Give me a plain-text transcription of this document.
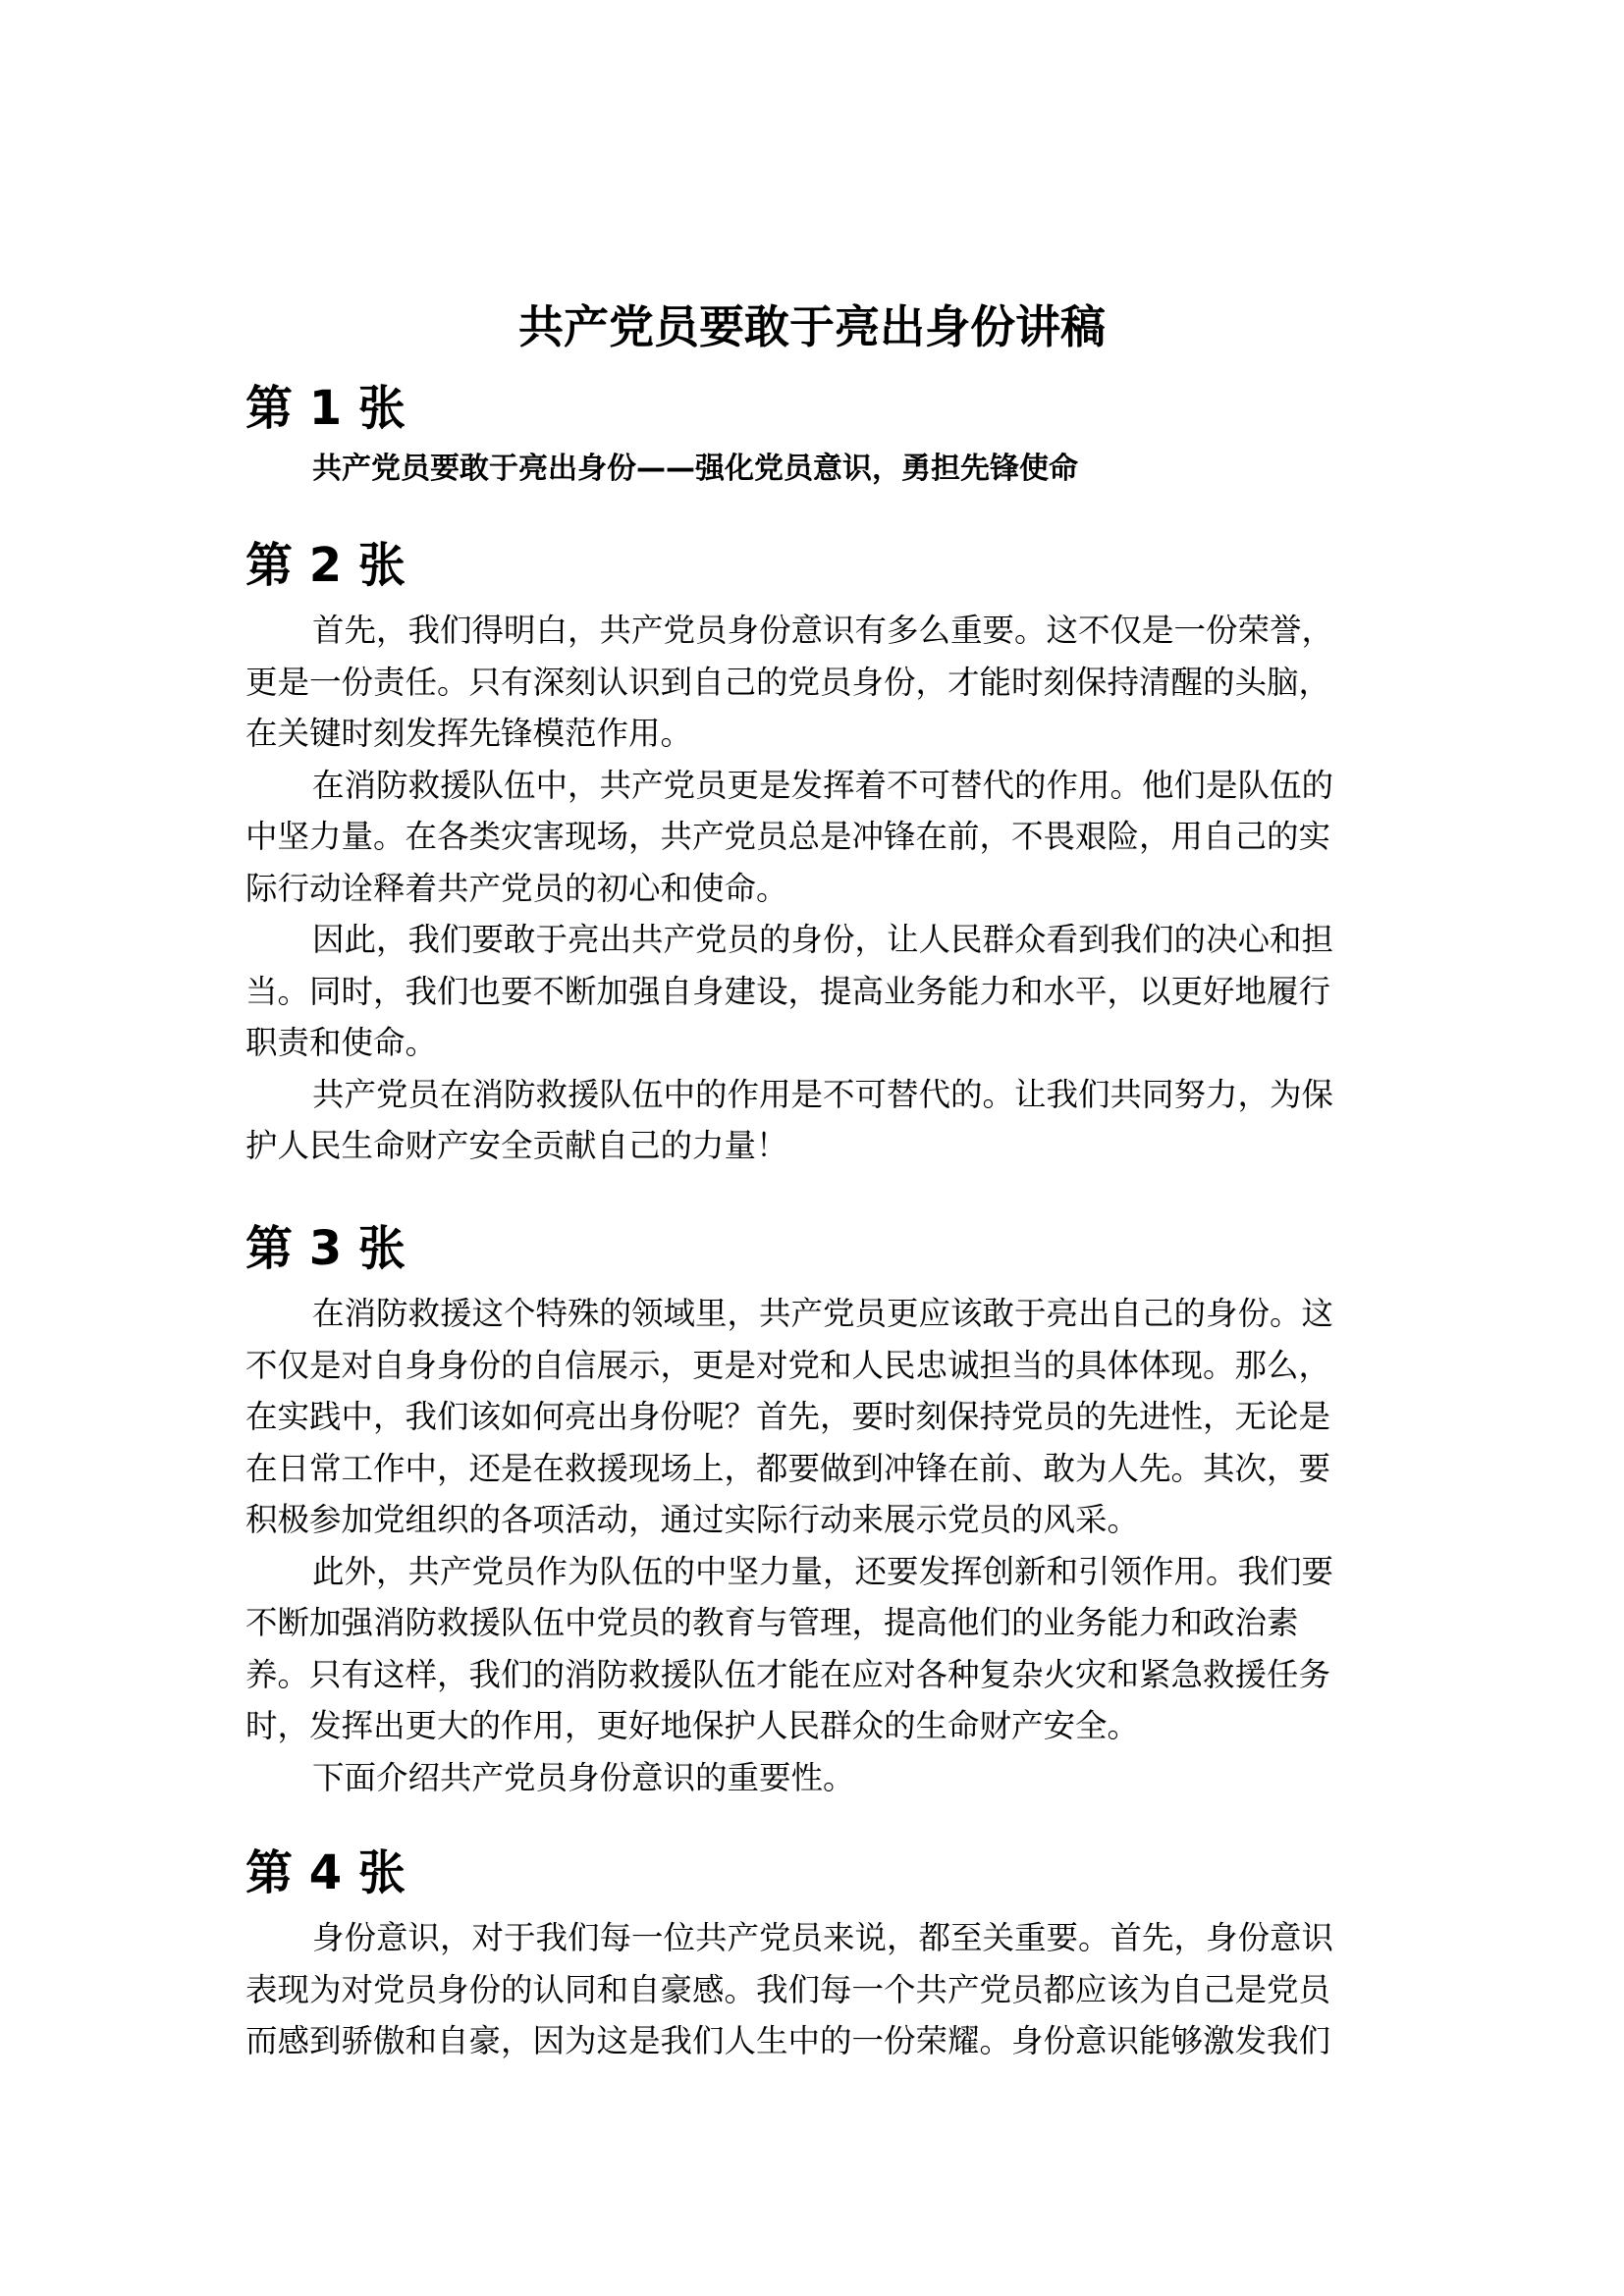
共产党员要敢于亮出身份讲稿
第 1 张

共产党员要敢于亮出身份——强化党员意识，勇担先锋使命

第 2 张

首先，我们得明白，共产党员身份意识有多么重要。这不仅是一份荣誉，
更是一份责任。只有深刻认识到自己的党员身份，才能时刻保持清醒的头脑，
在关键时刻发挥先锋模范作用。

在消防救援队伍中，共产党员更是发挥着不可替代的作用。他们是队伍的
中坚力量。在各类灾害现场，共产党员总是冲锋在前，不畏艰险，用自己的实
际行动诠释着共产党员的初心和使命。

因此，我们要敢于亮出共产党员的身份，让人民群众看到我们的决心和担
当。同时，我们也要不断加强自身建设，提高业务能力和水平，以更好地履行
职责和使命。

共产党员在消防救援队伍中的作用是不可替代的。让我们共同努力，为保
护人民生命财产安全贡献自己的力量！

第 3 张

在消防救援这个特殊的领域里，共产党员更应该敢于亮出自己的身份。这
不仅是对自身身份的自信展示，更是对党和人民忠诚担当的具体体现。那么，
在实践中，我们该如何亮出身份呢？首先，要时刻保持党员的先进性，无论是
在日常工作中，还是在救援现场上，都要做到冲锋在前、敢为人先。其次，要
积极参加党组织的各项活动，通过实际行动来展示党员的风采。

此外，共产党员作为队伍的中坚力量，还要发挥创新和引领作用。我们要
不断加强消防救援队伍中党员的教育与管理，提高他们的业务能力和政治素
养。只有这样，我们的消防救援队伍才能在应对各种复杂火灾和紧急救援任务
时，发挥出更大的作用，更好地保护人民群众的生命财产安全。

下面介绍共产党员身份意识的重要性。

第 4 张

身份意识，对于我们每一位共产党员来说，都至关重要。首先，身份意识
表现为对党员身份的认同和自豪感。我们每一个共产党员都应该为自己是党员
而感到骄傲和自豪，因为这是我们人生中的一份荣耀。身份意识能够激发我们
